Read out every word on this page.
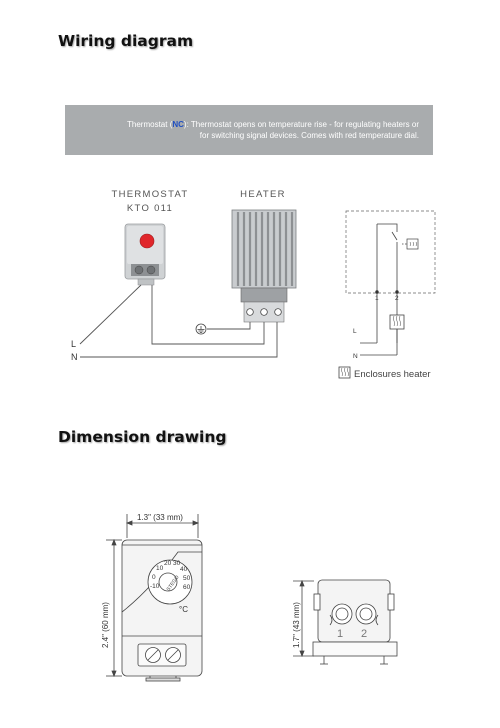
Wiring diagram
Dimension drawing
Thermostat (NC): Thermostat opens on temperature rise - for regulating heaters or
for switching signal devices. Comes with red temperature dial.
THERMOSTAT
KTO 011
HEATER
L
N
1	2
L
N
Enclosures heater
STEGO
-10
0
10
20 30
40
50
60
°C
1.3" (33 mm)
2.4" (60 mm)	1.7" (43 mm)	1 2
